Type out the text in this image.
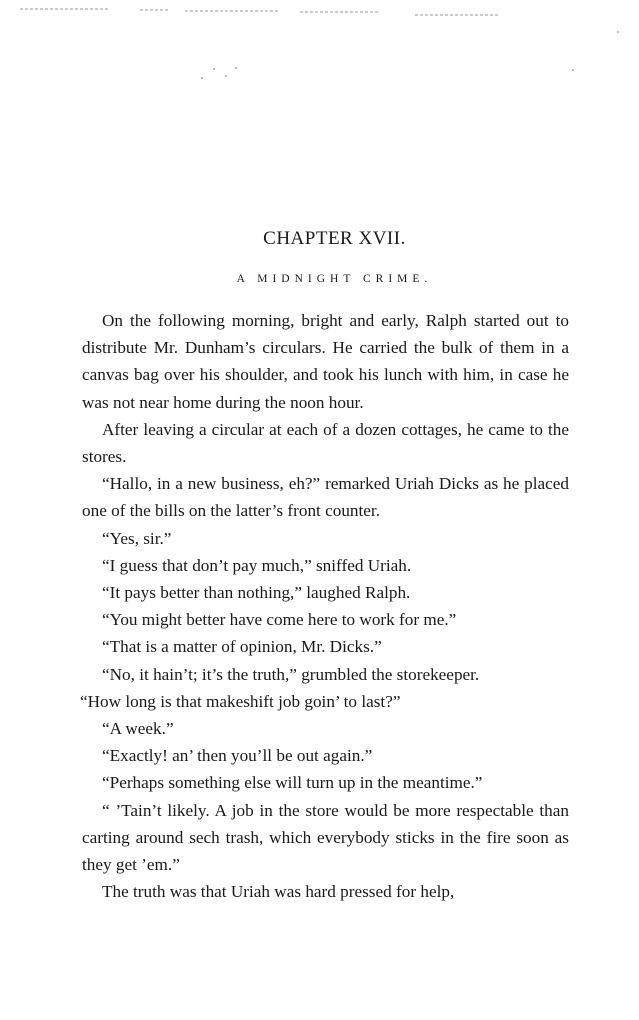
CHAPTER XVII.
A MIDNIGHT CRIME.

On the following morning, bright and early, Ralph started out to distribute Mr. Dunham’s circulars. He carried the bulk of them in a canvas bag over his shoulder, and took his lunch with him, in case he was not near home during the noon hour.

After leaving a circular at each of a dozen cottages, he came to the stores.

“Hallo, in a new business, eh?” remarked Uriah Dicks as he placed one of the bills on the latter’s front counter.

“Yes, sir.”

“I guess that don’t pay much,” sniffed Uriah.

“It pays better than nothing,” laughed Ralph.

“You might better have come here to work for me.”

“That is a matter of opinion, Mr. Dicks.”

“No, it hain’t; it’s the truth,” grumbled the storekeeper.

“How long is that makeshift job goin’ to last?”

“A week.”

“Exactly! an’ then you’ll be out again.”

“Perhaps something else will turn up in the meantime.”

“ ’Tain’t likely. A job in the store would be more respectable than carting around sech trash, which everybody sticks in the fire soon as they get ’em.”

The truth was that Uriah was hard pressed for help,
